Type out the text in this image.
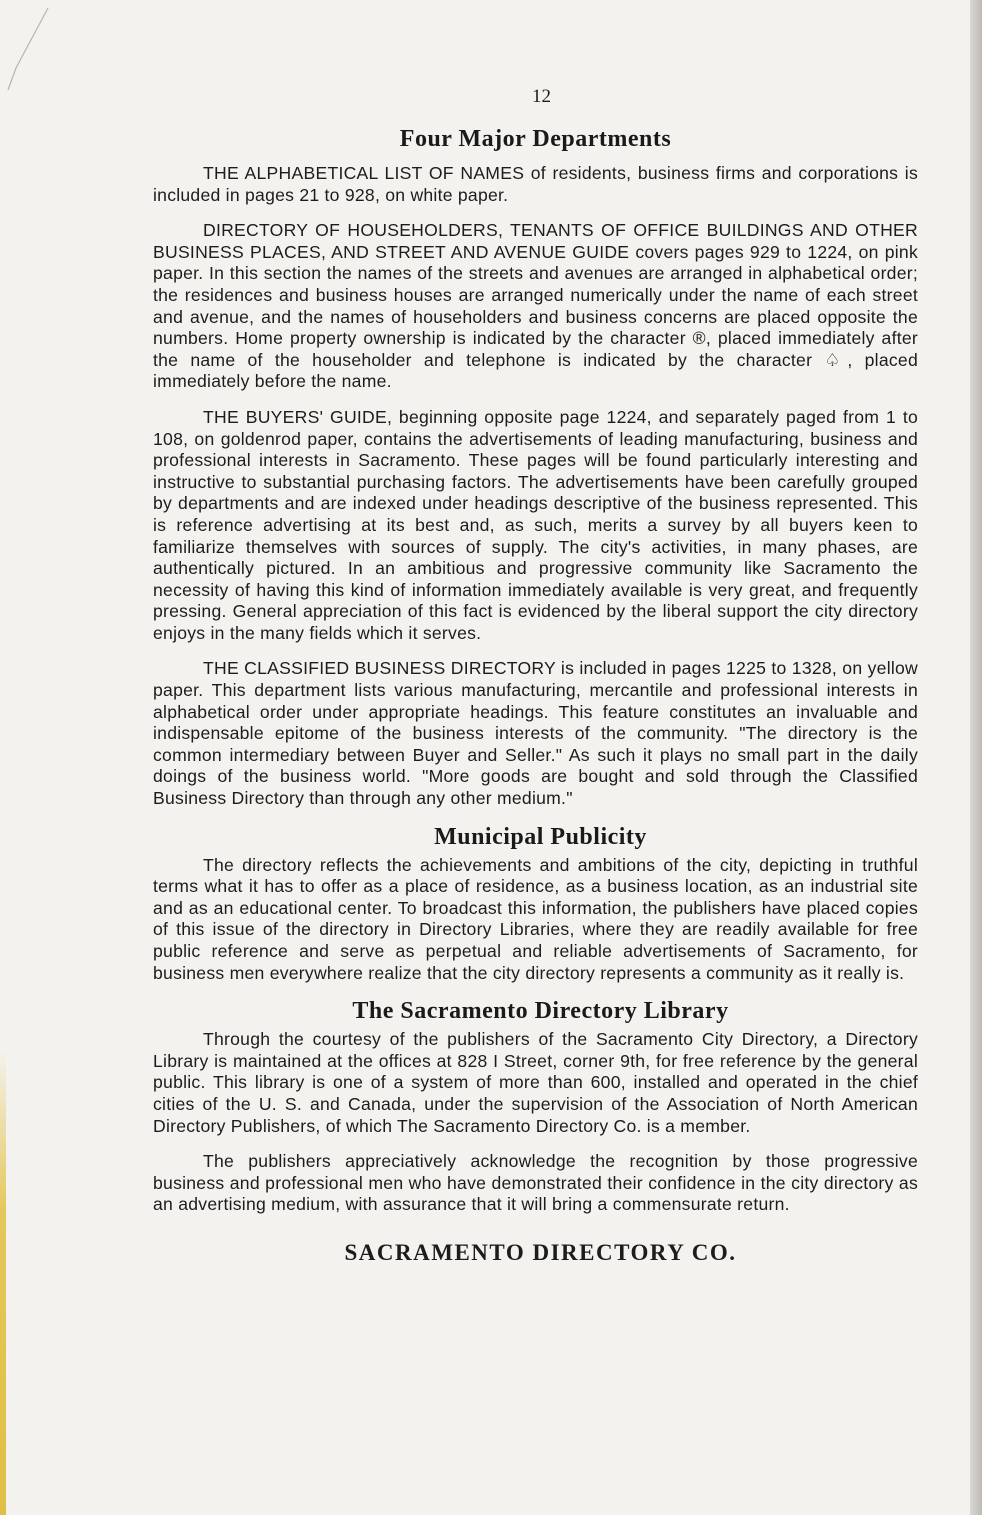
12
Four Major Departments

THE ALPHABETICAL LIST OF NAMES of residents, business firms and corporations is included in pages 21 to 928, on white paper.

DIRECTORY OF HOUSEHOLDERS, TENANTS OF OFFICE BUILDINGS AND OTHER BUSINESS PLACES, AND STREET AND AVENUE GUIDE covers pages 929 to 1224, on pink paper. In this section the names of the streets and avenues are arranged in alphabetical order; the residences and business houses are arranged numerically under the name of each street and avenue, and the names of householders and business concerns are placed opposite the numbers. Home property ownership is indicated by the character ®, placed immediately after the name of the householder and telephone is indicated by the character ♤, placed immediately before the name.

THE BUYERS' GUIDE, beginning opposite page 1224, and separately paged from 1 to 108, on goldenrod paper, contains the advertisements of leading manufacturing, business and professional interests in Sacramento. These pages will be found particularly interesting and instructive to substantial purchasing factors. The advertisements have been carefully grouped by departments and are indexed under headings descriptive of the business represented. This is reference advertising at its best and, as such, merits a survey by all buyers keen to familiarize themselves with sources of supply. The city's activities, in many phases, are authentically pictured. In an ambitious and progressive community like Sacramento the necessity of having this kind of information immediately available is very great, and frequently pressing. General appreciation of this fact is evidenced by the liberal support the city directory enjoys in the many fields which it serves.

THE CLASSIFIED BUSINESS DIRECTORY is included in pages 1225 to 1328, on yellow paper. This department lists various manufacturing, mercantile and professional interests in alphabetical order under appropriate headings. This feature constitutes an invaluable and indispensable epitome of the business interests of the community. "The directory is the common intermediary between Buyer and Seller." As such it plays no small part in the daily doings of the business world. "More goods are bought and sold through the Classified Business Directory than through any other medium."

Municipal Publicity

The directory reflects the achievements and ambitions of the city, depicting in truthful terms what it has to offer as a place of residence, as a business location, as an industrial site and as an educational center. To broadcast this information, the publishers have placed copies of this issue of the directory in Directory Libraries, where they are readily available for free public reference and serve as perpetual and reliable advertisements of Sacramento, for business men everywhere realize that the city directory represents a community as it really is.

The Sacramento Directory Library

Through the courtesy of the publishers of the Sacramento City Directory, a Directory Library is maintained at the offices at 828 I Street, corner 9th, for free reference by the general public. This library is one of a system of more than 600, installed and operated in the chief cities of the U. S. and Canada, under the supervision of the Association of North American Directory Publishers, of which The Sacramento Directory Co. is a member.

The publishers appreciatively acknowledge the recognition by those progressive business and professional men who have demonstrated their confidence in the city directory as an advertising medium, with assurance that it will bring a commensurate return.

SACRAMENTO DIRECTORY CO.
